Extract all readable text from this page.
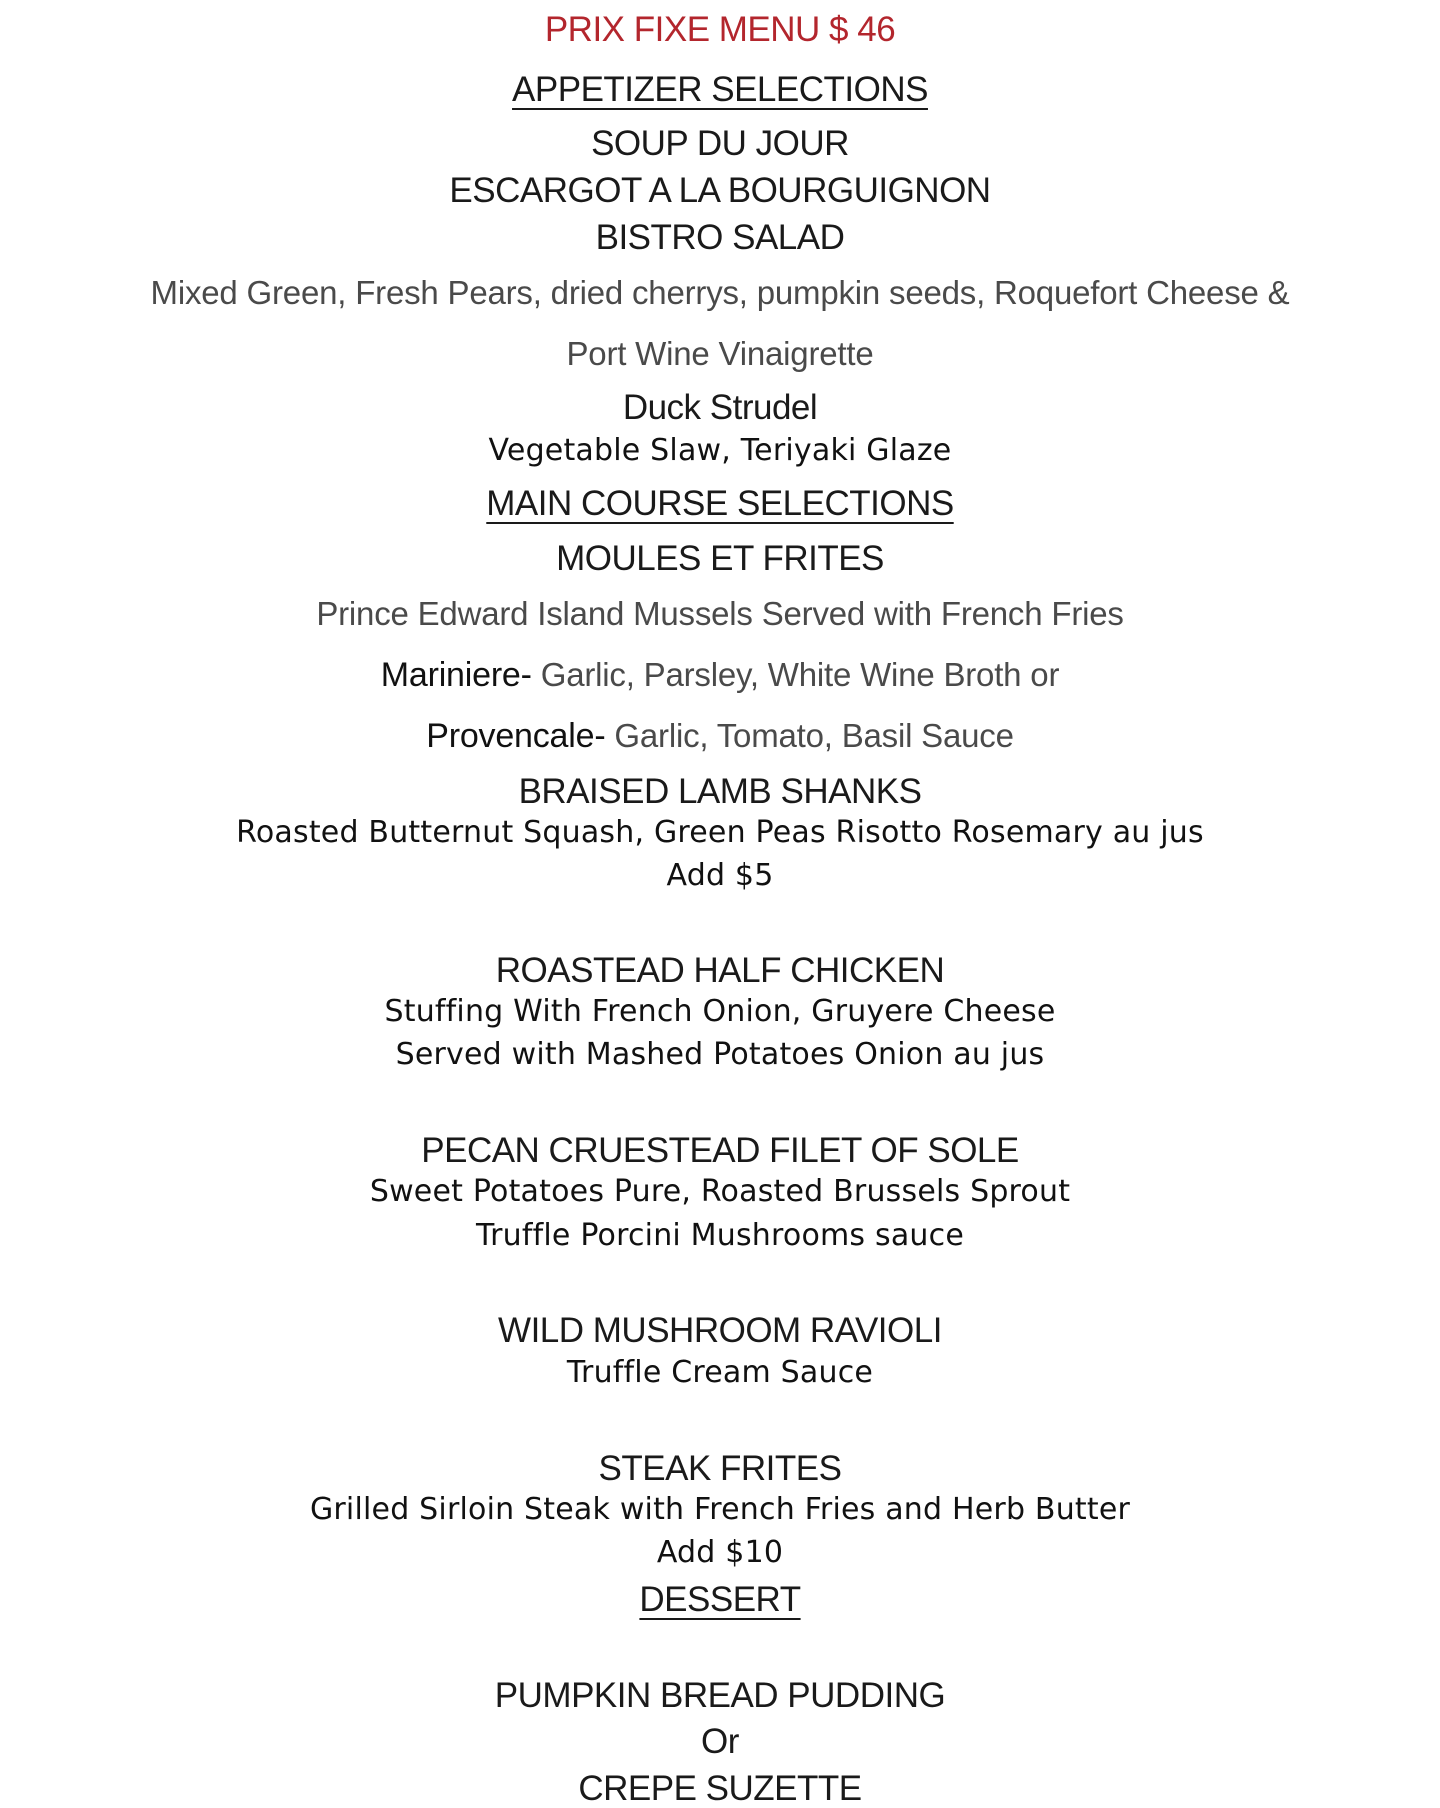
PRIX FIXE MENU $ 46
APPETIZER SELECTIONS
SOUP DU JOUR
ESCARGOT A LA BOURGUIGNON
BISTRO SALAD
Mixed Green, Fresh Pears, dried cherrys, pumpkin seeds, Roquefort Cheese &
Port Wine Vinaigrette
Duck Strudel
Vegetable Slaw, Teriyaki Glaze
MAIN COURSE SELECTIONS
MOULES ET FRITES
Prince Edward Island Mussels Served with French Fries
Mariniere- Garlic, Parsley, White Wine Broth or
Provencale- Garlic, Tomato, Basil Sauce
BRAISED LAMB SHANKS
Roasted Butternut Squash, Green Peas Risotto Rosemary au jus
Add $5
ROASTEAD HALF CHICKEN
Stuffing With French Onion, Gruyere Cheese
Served with Mashed Potatoes Onion au jus
PECAN CRUESTEAD FILET OF SOLE
Sweet Potatoes Pure, Roasted Brussels Sprout
Truffle Porcini Mushrooms sauce
WILD MUSHROOM RAVIOLI
Truffle Cream Sauce
STEAK FRITES
Grilled Sirloin Steak with French Fries and Herb Butter
Add $10
DESSERT
PUMPKIN BREAD PUDDING
Or
CREPE SUZETTE
